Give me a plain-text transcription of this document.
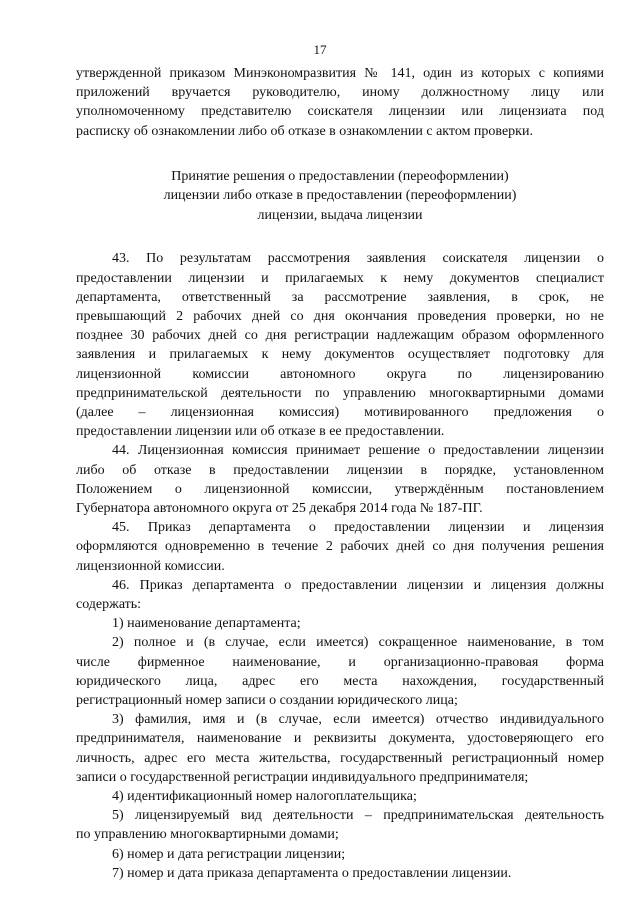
17
утвержденной приказом Минэкономразвития № 141, один из которых с копиями
приложений вручается руководителю, иному должностному лицу или
уполномоченному представителю соискателя лицензии или лицензиата под
расписку об ознакомлении либо об отказе в ознакомлении с актом проверки.
Принятие решения о предоставлении (переоформлении)
лицензии либо отказе в предоставлении (переоформлении)
лицензии, выдача лицензии
43. По результатам рассмотрения заявления соискателя лицензии о
предоставлении лицензии и прилагаемых к нему документов специалист
департамента, ответственный за рассмотрение заявления, в срок, не
превышающий 2 рабочих дней со дня окончания проведения проверки, но не
позднее 30 рабочих дней со дня регистрации надлежащим образом оформленного
заявления и прилагаемых к нему документов осуществляет подготовку для
лицензионной комиссии автономного округа по лицензированию
предпринимательской деятельности по управлению многоквартирными домами
(далее – лицензионная комиссия) мотивированного предложения о
предоставлении лицензии или об отказе в ее предоставлении.
44. Лицензионная комиссия принимает решение о предоставлении лицензии
либо об отказе в предоставлении лицензии в порядке, установленном
Положением о лицензионной комиссии, утверждённым постановлением
Губернатора автономного округа от 25 декабря 2014 года № 187-ПГ.
45. Приказ департамента о предоставлении лицензии и лицензия
оформляются одновременно в течение 2 рабочих дней со дня получения решения
лицензионной комиссии.
46. Приказ департамента о предоставлении лицензии и лицензия должны
содержать:
1) наименование департамента;
2) полное и (в случае, если имеется) сокращенное наименование, в том
числе фирменное наименование, и организационно-правовая форма
юридического лица, адрес его места нахождения, государственный
регистрационный номер записи о создании юридического лица;
3) фамилия, имя и (в случае, если имеется) отчество индивидуального
предпринимателя, наименование и реквизиты документа, удостоверяющего его
личность, адрес его места жительства, государственный регистрационный номер
записи о государственной регистрации индивидуального предпринимателя;
4) идентификационный номер налогоплательщика;
5) лицензируемый вид деятельности – предпринимательская деятельность
по управлению многоквартирными домами;
6) номер и дата регистрации лицензии;
7) номер и дата приказа департамента о предоставлении лицензии.
